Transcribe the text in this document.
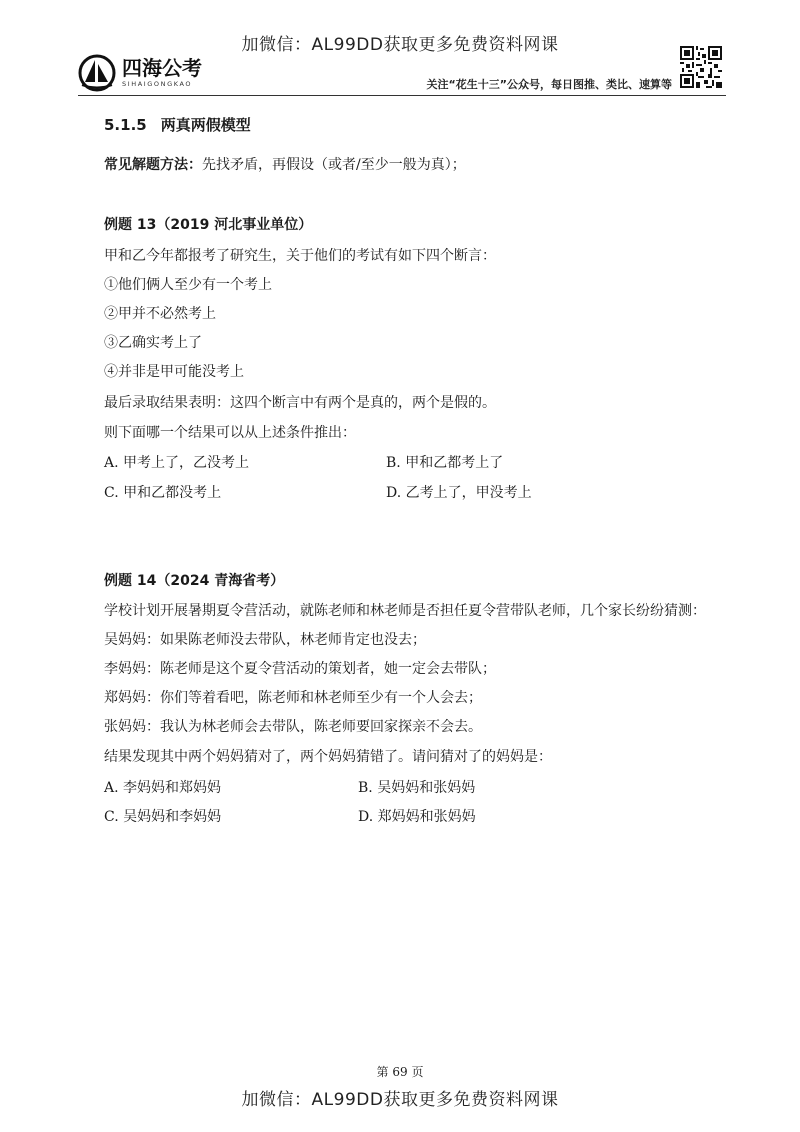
加微信：AL99DD获取更多免费资料网课
四海公考
SIHAIGONGKAO	关注“花生十三”公众号，每日图推、类比、速算等
5.1.5 两真两假模型
常见解题方法：先找矛盾，再假设（或者/至少一般为真）；
例题 13（2019 河北事业单位）
甲和乙今年都报考了研究生，关于他们的考试有如下四个断言：
①他们俩人至少有一个考上
②甲并不必然考上
③乙确实考上了
④并非是甲可能没考上
最后录取结果表明：这四个断言中有两个是真的，两个是假的。
则下面哪一个结果可以从上述条件推出：
A. 甲考上了，乙没考上	B. 甲和乙都考上了
C. 甲和乙都没考上	D. 乙考上了，甲没考上
例题 14（2024 青海省考）
学校计划开展暑期夏令营活动，就陈老师和林老师是否担任夏令营带队老师，几个家长纷纷猜测：
吴妈妈：如果陈老师没去带队，林老师肯定也没去；
李妈妈：陈老师是这个夏令营活动的策划者，她一定会去带队；
郑妈妈：你们等着看吧，陈老师和林老师至少有一个人会去；
张妈妈：我认为林老师会去带队，陈老师要回家探亲不会去。
结果发现其中两个妈妈猜对了，两个妈妈猜错了。请问猜对了的妈妈是：
A. 李妈妈和郑妈妈	B. 吴妈妈和张妈妈
C. 吴妈妈和李妈妈	D. 郑妈妈和张妈妈
第 69 页
加微信：AL99DD获取更多免费资料网课
